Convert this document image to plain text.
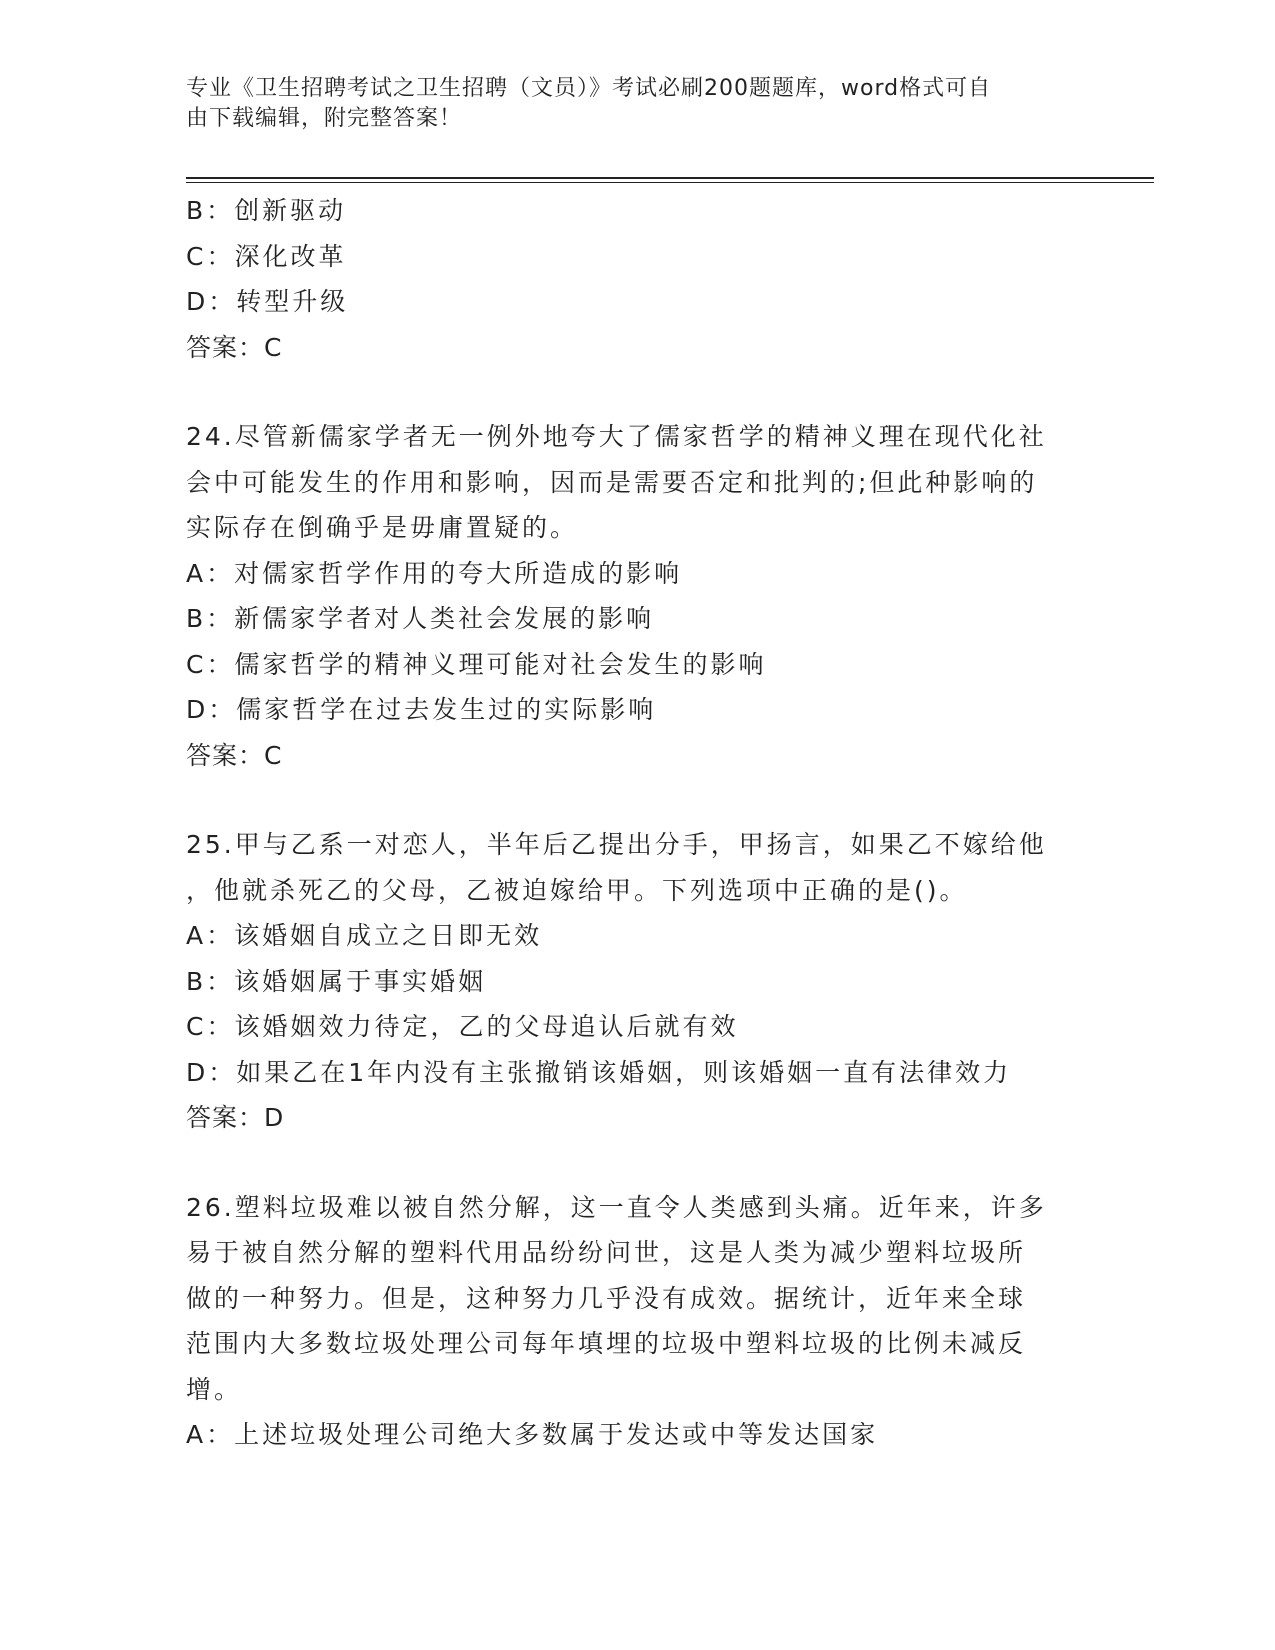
专业《卫生招聘考试之卫生招聘（文员）》考试必刷200题题库，word格式可自
由下载编辑，附完整答案！
B：创新驱动
C：深化改革
D：转型升级
答案：C
24.尽管新儒家学者无一例外地夸大了儒家哲学的精神义理在现代化社
会中可能发生的作用和影响，因而是需要否定和批判的;但此种影响的
实际存在倒确乎是毋庸置疑的。
A：对儒家哲学作用的夸大所造成的影响
B：新儒家学者对人类社会发展的影响
C：儒家哲学的精神义理可能对社会发生的影响
D：儒家哲学在过去发生过的实际影响
答案：C
25.甲与乙系一对恋人，半年后乙提出分手，甲扬言，如果乙不嫁给他
，他就杀死乙的父母，乙被迫嫁给甲。下列选项中正确的是()。
A：该婚姻自成立之日即无效
B：该婚姻属于事实婚姻
C：该婚姻效力待定，乙的父母追认后就有效
D：如果乙在1年内没有主张撤销该婚姻，则该婚姻一直有法律效力
答案：D
26.塑料垃圾难以被自然分解，这一直令人类感到头痛。近年来，许多
易于被自然分解的塑料代用品纷纷问世，这是人类为减少塑料垃圾所
做的一种努力。但是，这种努力几乎没有成效。据统计，近年来全球
范围内大多数垃圾处理公司每年填埋的垃圾中塑料垃圾的比例未减反
增。
A：上述垃圾处理公司绝大多数属于发达或中等发达国家
